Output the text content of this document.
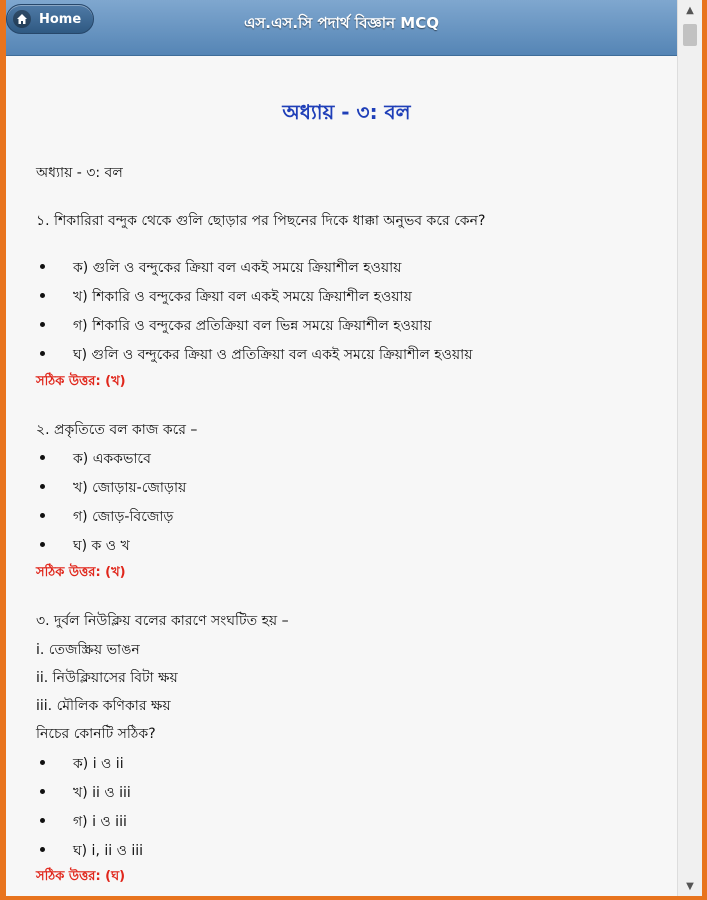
Home	এস.এস.সি পদার্থ বিজ্ঞান MCQ
অধ্যায় - ৩: বল
অধ্যায় - ৩: বল
১. শিকারিরা বন্দুক থেকে গুলি ছোড়ার পর পিছনের দিকে ধাক্কা অনুভব করে কেন?
ক) গুলি ও বন্দুকের ক্রিয়া বল একই সময়ে ক্রিয়াশীল হওয়ায়
খ) শিকারি ও বন্দুকের ক্রিয়া বল একই সময়ে ক্রিয়াশীল হওয়ায়
গ) শিকারি ও বন্দুকের প্রতিক্রিয়া বল ভিন্ন সময়ে ক্রিয়াশীল হওয়ায়
ঘ) গুলি ও বন্দুকের ক্রিয়া ও প্রতিক্রিয়া বল একই সময়ে ক্রিয়াশীল হওয়ায়
সঠিক উত্তর: (খ)
২. প্রকৃতিতে বল কাজ করে –
ক) এককভাবে
খ) জোড়ায়-জোড়ায়
গ) জোড়-বিজোড়
ঘ) ক ও খ
সঠিক উত্তর: (খ)
৩. দুর্বল নিউক্লিয় বলের কারণে সংঘটিত হয় –
i. তেজস্ক্রিয় ভাঙন
ii. নিউক্লিয়াসের বিটা ক্ষয়
iii. মৌলিক কণিকার ক্ষয়
নিচের কোনটি সঠিক?
ক) i ও ii
খ) ii ও iii
গ) i ও iii
ঘ) i, ii ও iii
সঠিক উত্তর: (ঘ)
▲
▼
